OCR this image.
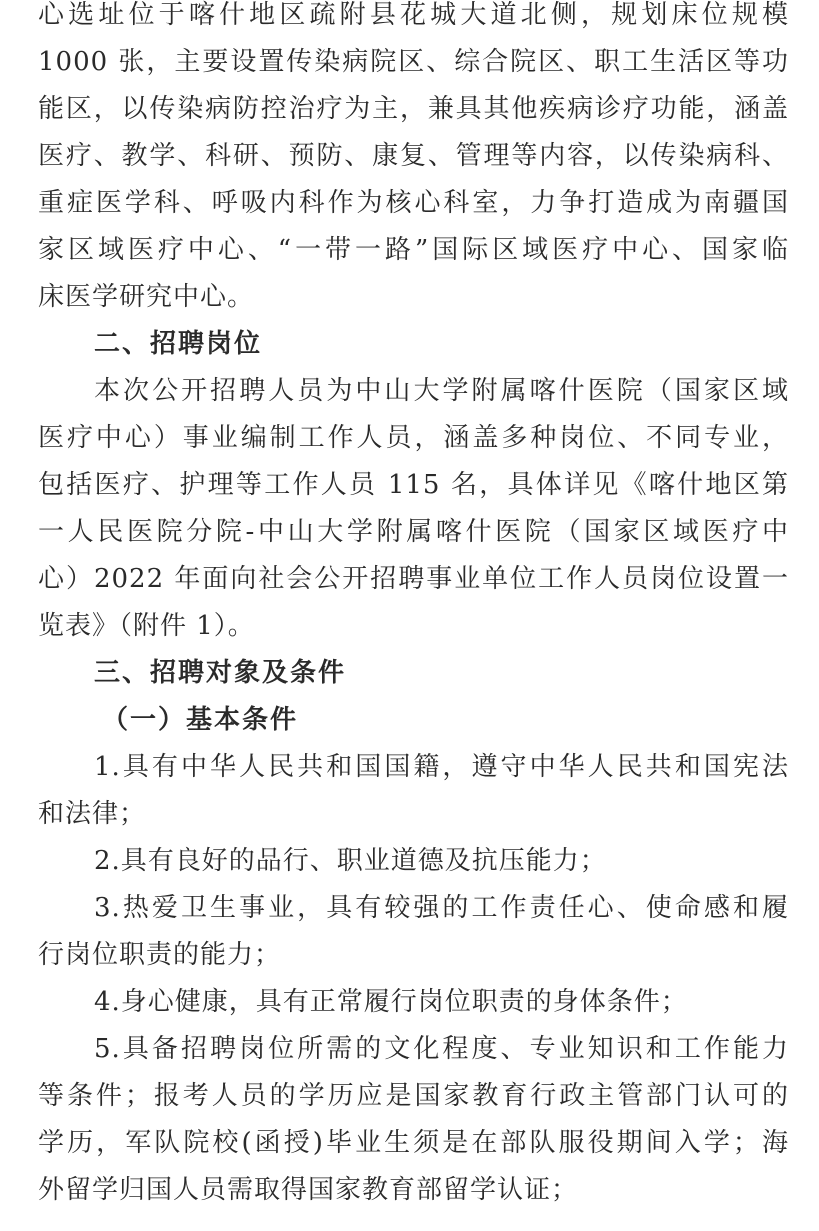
心选址位于喀什地区疏附县花城大道北侧，规划床位规模
1000 张，主要设置传染病院区、综合院区、职工生活区等功
能区，以传染病防控治疗为主，兼具其他疾病诊疗功能，涵盖
医疗、教学、科研、预防、康复、管理等内容，以传染病科、
重症医学科、呼吸内科作为核心科室，力争打造成为南疆国
家区域医疗中心、“一带一路”国际区域医疗中心、国家临
床医学研究中心。
二、招聘岗位
本次公开招聘人员为中山大学附属喀什医院（国家区域
医疗中心）事业编制工作人员，涵盖多种岗位、不同专业，
包括医疗、护理等工作人员 115 名，具体详见《喀什地区第
一人民医院分院-中山大学附属喀什医院（国家区域医疗中
心）2022 年面向社会公开招聘事业单位工作人员岗位设置一
览表》（附件 1）。
三、招聘对象及条件
（一）基本条件
1.具有中华人民共和国国籍，遵守中华人民共和国宪法
和法律；
2.具有良好的品行、职业道德及抗压能力；
3.热爱卫生事业，具有较强的工作责任心、使命感和履
行岗位职责的能力；
4.身心健康，具有正常履行岗位职责的身体条件；
5.具备招聘岗位所需的文化程度、专业知识和工作能力
等条件；报考人员的学历应是国家教育行政主管部门认可的
学历，军队院校(函授)毕业生须是在部队服役期间入学；海
外留学归国人员需取得国家教育部留学认证；
